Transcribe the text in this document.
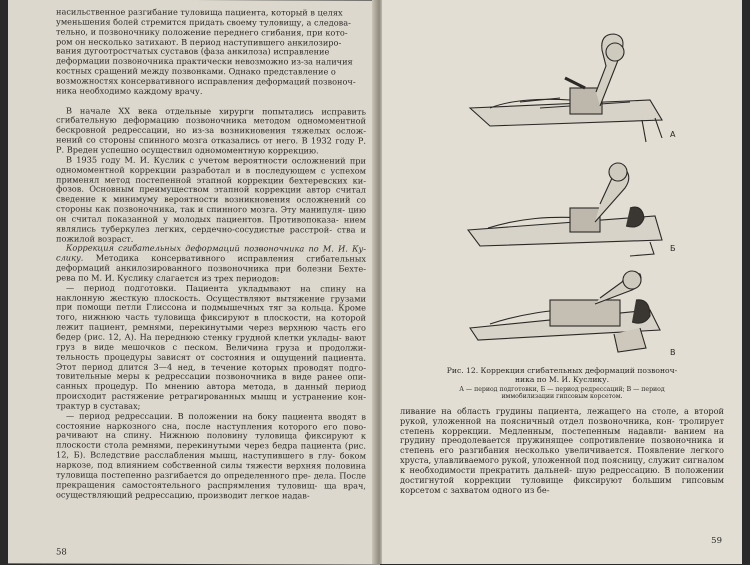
насильственное разгибание туловища пациента, который в целях

уменьшения болей стремится придать своему туловищу, а следова-

тельно, и позвоночнику положение переднего сгибания, при кото-

ром он несколько затихают. В период наступившего анкилозиро-

вания дугоотростчатых суставов (фаза анкилоза) исправление

деформации позвоночника практически невозможно из-за наличия

костных сращений между позвонками. Однако представление о

возможностях консервативного исправления деформаций позвоноч-

ника необходимо каждому врачу.

В начале XX века отдельные хирурги попытались исправить сгибательную деформацию позвоночника методом одномоментной бескровной редрессации, но из-за возникновения тяжелых ослож- нений со стороны спинного мозга отказались от него. В 1932 году Р. Р. Вреден успешно осуществил одномоментную коррекцию.

В 1935 году М. И. Куслик с учетом вероятности осложнений при одномоментной коррекции разработал и в последующем с успехом применял метод постепенной этапной коррекции бехтеревских ки- фозов. Основным преимуществом этапной коррекции автор считал сведение к минимуму вероятности возникновения осложнений со стороны как позвоночника, так и спинного мозга. Эту манипуля- цию он считал показанной у молодых пациентов. Противопоказа- нием являлись туберкулез легких, сердечно-сосудистые расстрой- ства и пожилой возраст.

Коррекция сгибательных деформаций позвоночника по М. И. Ку- слику. Методика консервативного исправления сгибательных деформаций анкилозированного позвоночника при болезни Бехте- рева по М. И. Куслику слагается из трех периодов:

— период подготовки. Пациента укладывают на спину на наклонную жесткую плоскость. Осуществляют вытяжение грузами при помощи петли Глиссона и подмышечных тяг за кольца. Кроме того, нижнюю часть туловища фиксируют в плоскости, на которой лежит пациент, ремнями, перекинутыми через верхнюю часть его бедер (рис. 12, А). На переднюю стенку грудной клетки уклады- вают груз в виде мешочков с песком. Величина груза и продолжи- тельность процедуры зависят от состояния и ощущений пациента. Этот период длится 3—4 нед, в течение которых проводят подго- товительные меры к редрессации позвоночника в виде ранее опи- санных процедур. По мнению автора метода, в данный период происходит растяжение ретрагированных мышц и устранение кон- трактур в суставах;

— период редрессации. В положении на боку пациента вводят в состояние наркозного сна, после наступления которого его пово- рачивают на спину. Нижнюю половину туловища фиксируют к плоскости стола ремнями, перекинутыми через бедра пациента (рис. 12, Б). Вследствие расслабления мышц, наступившего в глу- боком наркозе, под влиянием собственной силы тяжести верхняя половина туловища постепенно разгибается до определенного пре- дела. После прекращения самостоятельного распрямления туловищ- ща врач, осуществляющий редрессацию, производит легкое надав-

58
А
Б
В
Рис. 12. Коррекция сгибательных деформаций позвоноч- ника по М. И. Куслику.
А — период подготовки, Б — период редрессаций; В — период иммобилизации гипсовым корсетом.

ливание на область грудины пациента, лежащего на столе, а второй рукой, уложенной на поясничный отдел позвоночника, кон- тролирует степень коррекции. Медленным, постепенным надавли- ванием на грудину преодолевается пружинящее сопротивление позвоночника и степень его разгибания несколько увеличивается. Появление легкого хруста, улавливаемого рукой, уложенной под поясницу, служит сигналом к необходимости прекратить дальней- шую редрессацию. В положении достигнутой коррекции туловище фиксируют большим гипсовым корсетом с захватом одного из бе-

59
